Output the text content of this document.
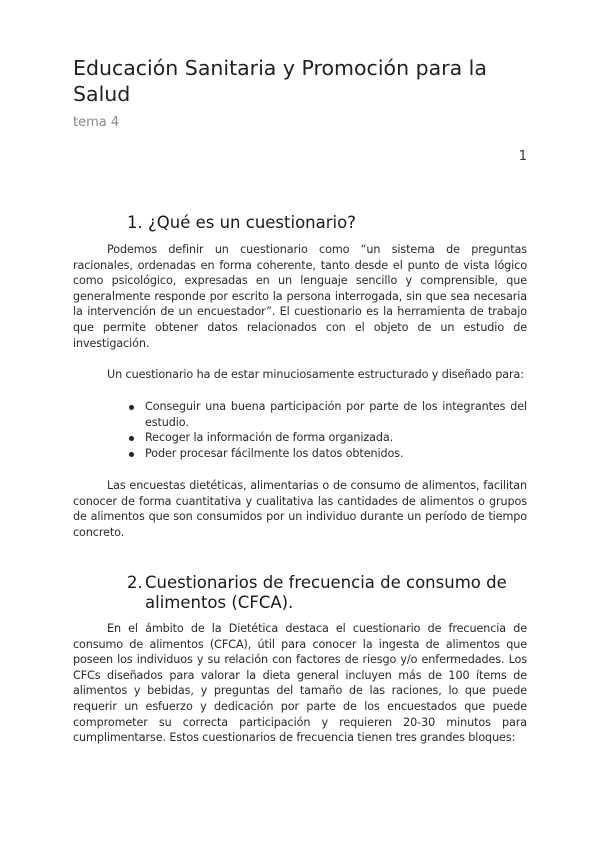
Educación Sanitaria y Promoción para la Salud
tema 4
1
1. ¿Qué es un cuestionario?

Podemos definir un cuestionario como “un sistema de preguntas racionales, ordenadas en forma coherente, tanto desde el punto de vista lógico como psicológico, expresadas en un lenguaje sencillo y comprensible, que generalmente responde por escrito la persona interrogada, sin que sea necesaria la intervención de un encuestador”. El cuestionario es la herramienta de trabajo que permite obtener datos relacionados con el objeto de un estudio de investigación.

Un cuestionario ha de estar minuciosamente estructurado y diseñado para:

Conseguir una buena participación por parte de los integrantes del estudio.
Recoger la información de forma organizada.
Poder procesar fácilmente los datos obtenidos.

Las encuestas dietéticas, alimentarias o de consumo de alimentos, facilitan conocer de forma cuantitativa y cualitativa las cantidades de alimentos o grupos de alimentos que son consumidos por un individuo durante un período de tiempo concreto.

2. Cuestionarios de frecuencia de consumo de alimentos (CFCA).

En el ámbito de la Dietética destaca el cuestionario de frecuencia de consumo de alimentos (CFCA), útil para conocer la ingesta de alimentos que poseen los individuos y su relación con factores de riesgo y/o enfermedades. Los CFCs diseñados para valorar la dieta general incluyen más de 100 ítems de alimentos y bebidas, y preguntas del tamaño de las raciones, lo que puede requerir un esfuerzo y dedicación por parte de los encuestados que puede comprometer su correcta participación y requieren 20-30 minutos para cumplimentarse. Estos cuestionarios de frecuencia tienen tres grandes bloques:
